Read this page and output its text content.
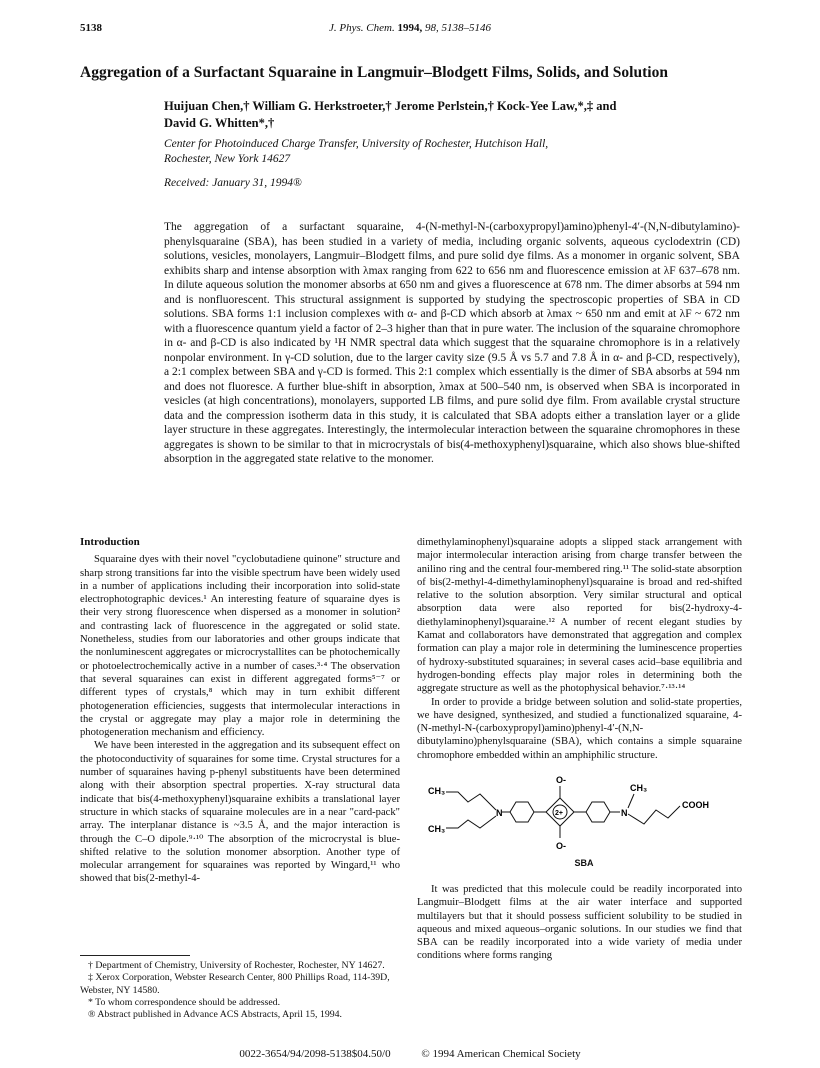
5138	J. Phys. Chem. 1994, 98, 5138–5146
Aggregation of a Surfactant Squaraine in Langmuir–Blodgett Films, Solids, and Solution
Huijuan Chen,† William G. Herkstroeter,† Jerome Perlstein,† Kock-Yee Law,*,‡ and
David G. Whitten*,†
Center for Photoinduced Charge Transfer, University of Rochester, Hutchison Hall,
Rochester, New York 14627
Received: January 31, 1994®
The aggregation of a surfactant squaraine, 4-(N-methyl-N-(carboxypropyl)amino)phenyl-4′-(N,N-dibutylamino)-phenylsquaraine (SBA), has been studied in a variety of media, including organic solvents, aqueous cyclodextrin (CD) solutions, vesicles, monolayers, Langmuir–Blodgett films, and pure solid dye films. As a monomer in organic solvent, SBA exhibits sharp and intense absorption with λmax ranging from 622 to 656 nm and fluorescence emission at λF 637–678 nm. In dilute aqueous solution the monomer absorbs at 650 nm and gives a fluorescence at 678 nm. The dimer absorbs at 594 nm and is nonfluorescent. This structural assignment is supported by studying the spectroscopic properties of SBA in CD solutions. SBA forms 1:1 inclusion complexes with α- and β-CD which absorb at λmax ~ 650 nm and emit at λF ~ 672 nm with a fluorescence quantum yield a factor of 2–3 higher than that in pure water. The inclusion of the squaraine chromophore in α- and β-CD is also indicated by ¹H NMR spectral data which suggest that the squaraine chromophore is in a relatively nonpolar environment. In γ-CD solution, due to the larger cavity size (9.5 Å vs 5.7 and 7.8 Å in α- and β-CD, respectively), a 2:1 complex between SBA and γ-CD is formed. This 2:1 complex which essentially is the dimer of SBA absorbs at 594 nm and does not fluoresce. A further blue-shift in absorption, λmax at 500–540 nm, is observed when SBA is incorporated in vesicles (at high concentrations), monolayers, supported LB films, and pure solid dye film. From available crystal structure data and the compression isotherm data in this study, it is calculated that SBA adopts either a translation layer or a glide layer structure in these aggregates. Interestingly, the intermolecular interaction between the squaraine chromophores in these aggregates is shown to be similar to that in microcrystals of bis(4-methoxyphenyl)squaraine, which also shows blue-shifted absorption in the aggregated state relative to the monomer.

Introduction

Squaraine dyes with their novel "cyclobutadiene quinone" structure and sharp strong transitions far into the visible spectrum have been widely used in a number of applications including their incorporation into solid-state electrophotographic devices.¹ An interesting feature of squaraine dyes is their very strong fluorescence when dispersed as a monomer in solution² and contrasting lack of fluorescence in the aggregated or solid state. Nonetheless, studies from our laboratories and other groups indicate that the nonluminescent aggregates or microcrystallites can be photochemically or photoelectrochemically active in a number of cases.³·⁴ The observation that several squaraines can exist in different aggregated forms⁵⁻⁷ or different types of crystals,⁸ which may in turn exhibit different photogeneration efficiencies, suggests that intermolecular interactions in the crystal or aggregate may play a major role in determining the photogeneration mechanism and efficiency.

We have been interested in the aggregation and its subsequent effect on the photoconductivity of squaraines for some time. Crystal structures for a number of squaraines having p-phenyl substituents have been determined along with their absorption spectral properties. X-ray structural data indicate that bis(4-methoxyphenyl)squaraine exhibits a translational layer structure in which stacks of squaraine molecules are in a near "card-pack" array. The interplanar distance is ~3.5 Å, and the major interaction is through the C–O dipole.⁹·¹⁰ The absorption of the microcrystal is blue-shifted relative to the solution monomer absorption. Another type of molecular arrangement for squaraines was reported by Wingard,¹¹ who showed that bis(2-methyl-4-

dimethylaminophenyl)squaraine adopts a slipped stack arrangement with major intermolecular interaction arising from charge transfer between the anilino ring and the central four-membered ring.¹¹ The solid-state absorption of bis(2-methyl-4-dimethylaminophenyl)squaraine is broad and red-shifted relative to the solution absorption. Very similar structural and optical absorption data were also reported for bis(2-hydroxy-4-diethylaminophenyl)squaraine.¹² A number of recent elegant studies by Kamat and collaborators have demonstrated that aggregation and complex formation can play a major role in determining the luminescence properties of hydroxy-substituted squaraines; in several cases acid–base equilibria and hydrogen-bonding effects play major roles in determining both the aggregate structure as well as the photophysical behavior.⁷·¹³·¹⁴

In order to provide a bridge between solution and solid-state properties, we have designed, synthesized, and studied a functionalized squaraine, 4-(N-methyl-N-(carboxypropyl)amino)phenyl-4′-(N,N-dibutylamino)phenylsquaraine (SBA), which contains a simple squaraine chromophore embedded within an amphiphilic structure.

CH₃
CH₃
N
O-
O-
2+	N
CH₃
COOH
SBA

It was predicted that this molecule could be readily incorporated into Langmuir–Blodgett films at the air water interface and supported multilayers but that it should possess sufficient solubility to be studied in aqueous and mixed aqueous–organic solutions. In our studies we find that SBA can be readily incorporated into a wide variety of media under conditions where forms ranging

† Department of Chemistry, University of Rochester, Rochester, NY 14627.
‡ Xerox Corporation, Webster Research Center, 800 Phillips Road, 114-39D, Webster, NY 14580.
* To whom correspondence should be addressed.
® Abstract published in Advance ACS Abstracts, April 15, 1994.
0022-3654/94/2098-5138$04.50/0	© 1994 American Chemical Society
